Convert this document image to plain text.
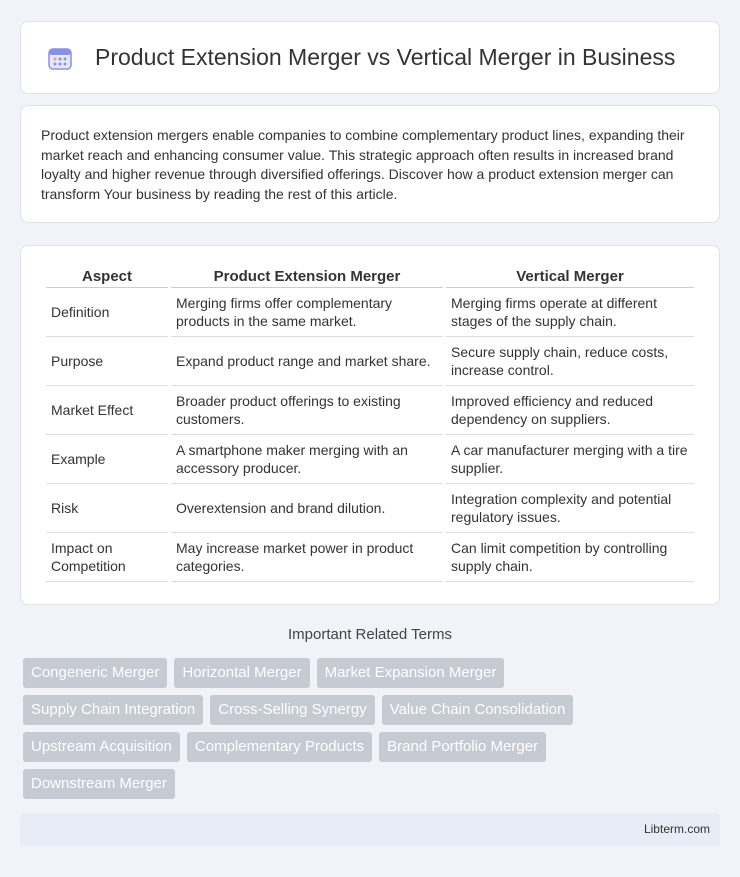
Product Extension Merger vs Vertical Merger in Business

Product extension mergers enable companies to combine complementary product lines, expanding their market reach and enhancing consumer value. This strategic approach often results in increased brand loyalty and higher revenue through diversified offerings. Discover how a product extension merger can transform Your business by reading the rest of this article.

Aspect	Product Extension Merger	Vertical Merger
Definition	Merging firms offer complementary products in the same market.	Merging firms operate at different stages of the supply chain.
Purpose	Expand product range and market share.	Secure supply chain, reduce costs, increase control.
Market Effect	Broader product offerings to existing customers.	Improved efficiency and reduced dependency on suppliers.
Example	A smartphone maker merging with an accessory producer.	A car manufacturer merging with a tire supplier.
Risk	Overextension and brand dilution.	Integration complexity and potential regulatory issues.
Impact on Competition	May increase market power in product categories.	Can limit competition by controlling supply chain.
Important Related Terms
Congeneric Merger	Horizontal Merger	Market Expansion Merger
Supply Chain Integration	Cross-Selling Synergy	Value Chain Consolidation
Upstream Acquisition	Complementary Products	Brand Portfolio Merger
Downstream Merger
Libterm.com
